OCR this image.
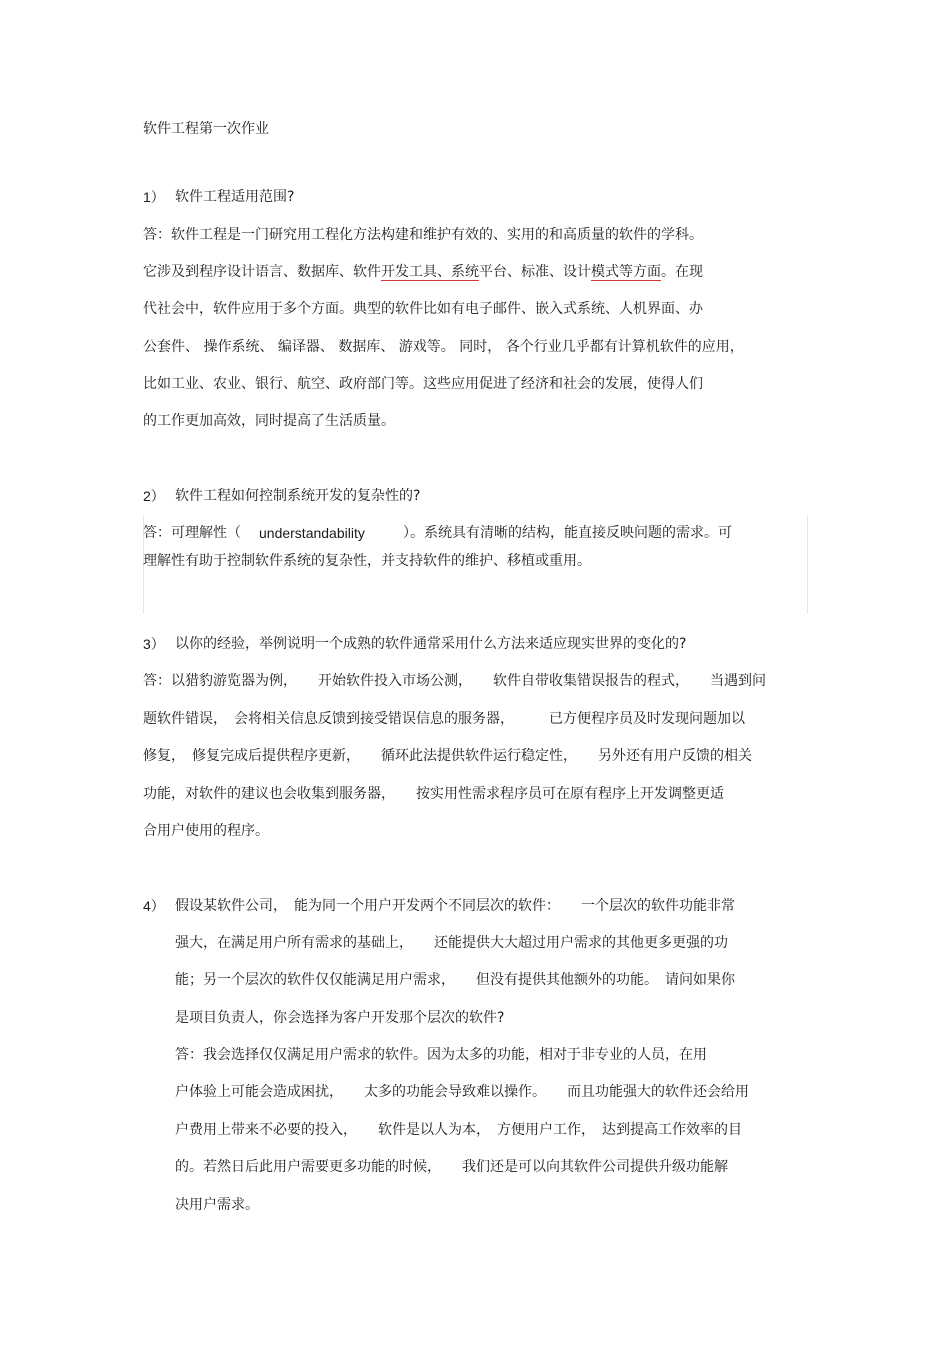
软件工程第一次作业
1） 软件工程适用范围?
答：软件工程是一门研究用工程化方法构建和维护有效的、实用的和高质量的软件的学科。
它涉及到程序设计语言、数据库、软件开发工具、系统平台、标准、设计模式等方面。在现
代社会中，软件应用于多个方面。典型的软件比如有电子邮件、嵌入式系统、人机界面、办
公套件、 操作系统、 编译器、 数据库、 游戏等。 同时， 各个行业几乎都有计算机软件的应用，
比如工业、农业、银行、航空、政府部门等。这些应用促进了经济和社会的发展，使得人们
的工作更加高效，同时提高了生活质量。
2） 软件工程如何控制系统开发的复杂性的?
答：可理解性（ understandability	）。系统具有清晰的结构，能直接反映问题的需求。可
理解性有助于控制软件系统的复杂性，并支持软件的维护、移植或重用。
3） 以你的经验，举例说明一个成熟的软件通常采用什么方法来适应现实世界的变化的?
答：以猎豹游览器为例，　　开始软件投入市场公测，　　软件自带收集错误报告的程式，　　当遇到问
题软件错误，　会将相关信息反馈到接受错误信息的服务器，　　　已方便程序员及时发现问题加以
修复，　修复完成后提供程序更新，　　循环此法提供软件运行稳定性，　　另外还有用户反馈的相关
功能，对软件的建议也会收集到服务器，　　按实用性需求程序员可在原有程序上开发调整更适
合用户使用的程序。
4） 假设某软件公司，　能为同一个用户开发两个不同层次的软件：　　一个层次的软件功能非常
强大，在满足用户所有需求的基础上，　　还能提供大大超过用户需求的其他更多更强的功
能；另一个层次的软件仅仅能满足用户需求，　　但没有提供其他额外的功能。　请问如果你
是项目负责人，你会选择为客户开发那个层次的软件?
答：我会选择仅仅满足用户需求的软件。因为太多的功能，相对于非专业的人员，在用
户体验上可能会造成困扰，　　太多的功能会导致难以操作。　　而且功能强大的软件还会给用
户费用上带来不必要的投入，　　软件是以人为本，　方便用户工作，　达到提高工作效率的目
的。若然日后此用户需要更多功能的时候，　　我们还是可以向其软件公司提供升级功能解
决用户需求。
